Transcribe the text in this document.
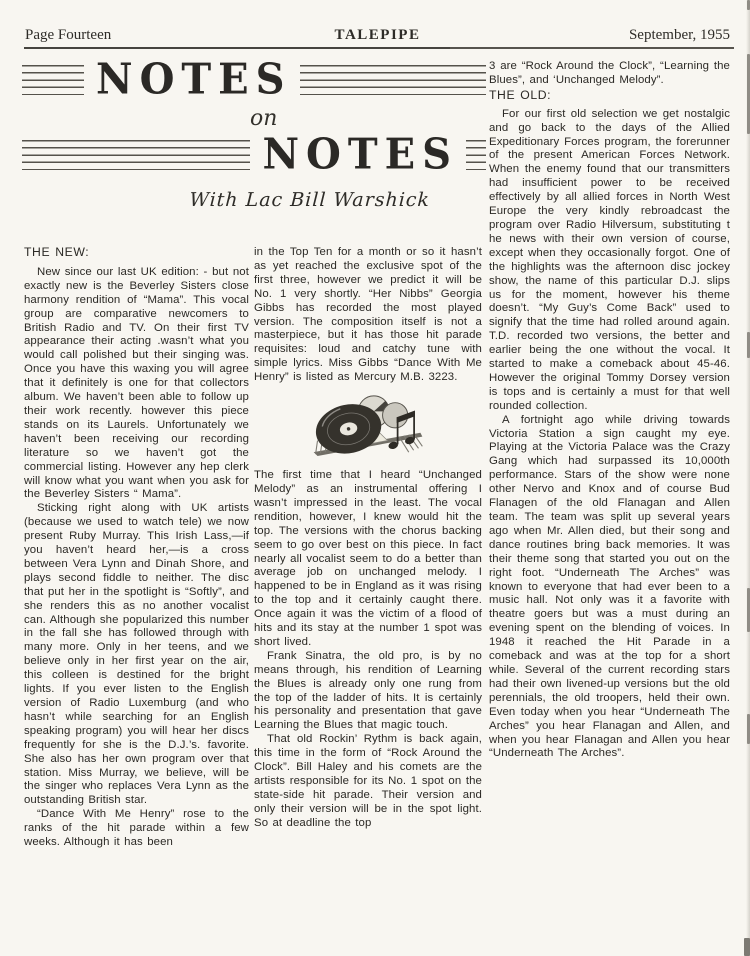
Page Fourteen	TALEPIPE	September, 1955
NOTES
on
NOTES
With Lac Bill Warshick
THE NEW:

New since our last UK edition: - but not exactly new is the Beverley Sisters close harmony rendition of “Mama”. This vocal group are comparative newcomers to British Radio and TV. On their first TV appearance their acting .wasn’t what you would call polished but their singing was. Once you have this waxing you will agree that it definitely is one for that collectors album. We haven’t been able to follow up their work recently. however this piece stands on its Laurels. Unfortunately we haven’t been receiving our recording literature so we haven’t got the commercial listing. However any hep clerk will know what you want when you ask for the Beverley Sisters “ Mama”.

Sticking right along with UK artists (because we used to watch tele) we now present Ruby Murray. This Irish Lass,—if you haven’t heard her,—is a cross between Vera Lynn and Dinah Shore, and plays second fiddle to neither. The disc that put her in the spotlight is “Softly”, and she renders this as no another vocalist can. Although she popularized this number in the fall she has followed through with many more. Only in her teens, and we believe only in her first year on the air, this colleen is destined for the bright lights. If you ever listen to the English version of Radio Luxemburg (and who hasn’t while searching for an English speaking program) you will hear her discs frequently for she is the D.J.’s. favorite. She also has her own program over that station. Miss Murray, we believe, will be the singer who replaces Vera Lynn as the outstanding British star.

“Dance With Me Henry” rose to the ranks of the hit parade within a few weeks. Although it has been

in the Top Ten for a month or so it hasn’t as yet reached the exclusive spot of the first three, however we predict it will be No. 1 very shortly. “Her Nibbs” Georgia Gibbs has recorded the most played version. The composition itself is not a masterpiece, but it has those hit parade requisites: loud and catchy tune with simple lyrics. Miss Gibbs “Dance With Me Henry” is listed as Mercury M.B. 3223.

The first time that I heard “Unchanged Melody” as an instrumental offering I wasn’t impressed in the least. The vocal rendition, however, I knew would hit the top. The versions with the chorus backing seem to go over best on this piece. In fact nearly all vocalist seem to do a better than average job on unchanged melody. I happened to be in England as it was rising to the top and it certainly caught there. Once again it was the victim of a flood of hits and its stay at the number 1 spot was short lived.

Frank Sinatra, the old pro, is by no means through, his rendition of Learning the Blues is already only one rung from the top of the ladder of hits. It is certainly his personality and presentation that gave Learning the Blues that magic touch.

That old Rockin’ Rythm is back again, this time in the form of “Rock Around the Clock”. Bill Haley and his comets are the artists responsible for its No. 1 spot on the state-side hit parade. Their version and only their version will be in the spot light. So at deadline the top

3 are “Rock Around the Clock”, “Learning the Blues”, and ‘Unchanged Melody”.

THE OLD:

For our first old selection we get nostalgic and go back to the days of the Allied Expeditionary Forces program, the forerunner of the present American Forces Network. When the enemy found that our transmitters had insufficient power to be received effectively by all allied forces in North West Europe the very kindly rebroadcast the program over Radio Hilversum, substituting t he news with their own version of course, except when they occasionally forgot. One of the highlights was the afternoon disc jockey show, the name of this particular D.J. slips us for the moment, however his theme doesn’t. “My Guy’s Come Back” used to signify that the time had rolled around again. T.D. recorded two versions, the better and earlier being the one without the vocal. It started to make a comeback about 45-46. However the original Tommy Dorsey version is tops and is certainly a must for that well rounded collection.

A fortnight ago while driving towards Victoria Station a sign caught my eye. Playing at the Victoria Palace was the Crazy Gang which had surpassed its 10,000th performance. Stars of the show were none other Nervo and Knox and of course Bud Flanagen of the old Flanagan and Allen team. The team was split up several years ago when Mr. Allen died, but their song and dance routines bring back memories. It was their theme song that started you out on the right foot. “Underneath The Arches” was known to everyone that had ever been to a music hall. Not only was it a favorite with theatre goers but was a must during an evening spent on the blending of voices. In 1948 it reached the Hit Parade in a comeback and was at the top for a short while. Several of the current recording stars had their own livened-up versions but the old perennials, the old troopers, held their own. Even today when you hear “Underneath The Arches” you hear Flanagan and Allen, and when you hear Flanagan and Allen you hear “Underneath The Arches”.
